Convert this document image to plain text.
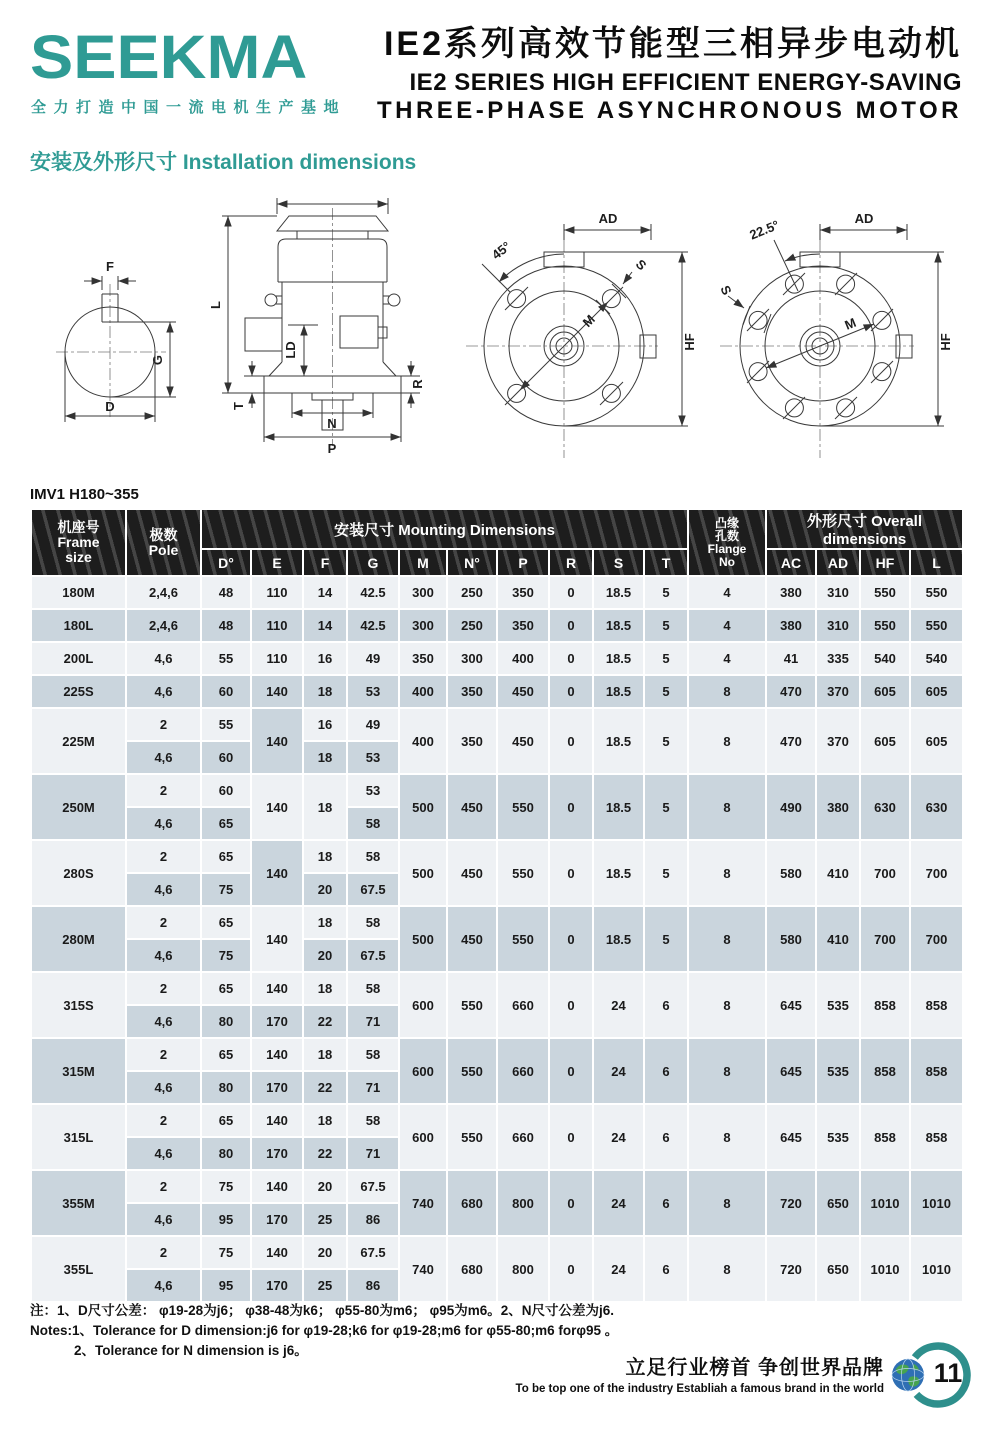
SEEKMA
全力打造中国一流电机生产基地
IE2系列高效节能型三相异步电动机
IE2 SERIES HIGH EFFICIENT ENERGY-SAVING
THREE-PHASE ASYNCHRONOUS MOTOR
安装及外形尺寸 Installation dimensions
F
G
D
L
LD
T
R
N
P
45°
M
S
AD
HF
22.5°
M
S
AD
HF
IMV1 H180~355
机座号
Frame
size

极数
Pole
	安装尺寸 Mounting Dimensions	凸缘
孔数
Flange
No
	外形尺寸 Overall dimensions
		D°	E	F	G	M	N°	P	R	S	T		AC	AD	HF	L
180M	2,4,6	48	110	14	42.5	300	250	350	0	18.5	5	4	380	310	550	550
180L	2,4,6	48	110	14	42.5	300	250	350	0	18.5	5	4	380	310	550	550
200L	4,6	55	110	16	49	350	300	400	0	18.5	5	4	41	335	540	540
225S	4,6	60	140	18	53	400	350	450	0	18.5	5	8	470	370	605	605
225M	2	55	140	16	49	400	350	450	0	18.5	5	8	470	370	605	605
	4,6	60		18	53											
250M	2	60	140	18	53	500	450	550	0	18.5	5	8	490	380	630	630
	4,6	65			58											
280S	2	65	140	18	58	500	450	550	0	18.5	5	8	580	410	700	700
	4,6	75		20	67.5											
280M	2	65	140	18	58	500	450	550	0	18.5	5	8	580	410	700	700
	4,6	75		20	67.5											
315S	2	65	140	18	58	600	550	660	0	24	6	8	645	535	858	858
	4,6	80	170	22	71											
315M	2	65	140	18	58	600	550	660	0	24	6	8	645	535	858	858
	4,6	80	170	22	71											
315L	2	65	140	18	58	600	550	660	0	24	6	8	645	535	858	858
	4,6	80	170	22	71											
355M	2	75	140	20	67.5	740	680	800	0	24	6	8	720	650	1010	1010
	4,6	95	170	25	86											
355L	2	75	140	20	67.5	740	680	800	0	24	6	8	720	650	1010	1010
	4,6	95	170	25	86											
注：1、D尺寸公差： φ19-28为j6； φ38-48为k6； φ55-80为m6； φ95为m6。2、N尺寸公差为j6.
Notes:1、Tolerance for D dimension:j6 for φ19-28;k6 for φ19-28;m6 for φ55-80;m6 forφ95 。
2、Tolerance for N dimension is j6。
立足行业榜首 争创世界品牌
To be top one of the industry Establiah a famous brand in the world
11
